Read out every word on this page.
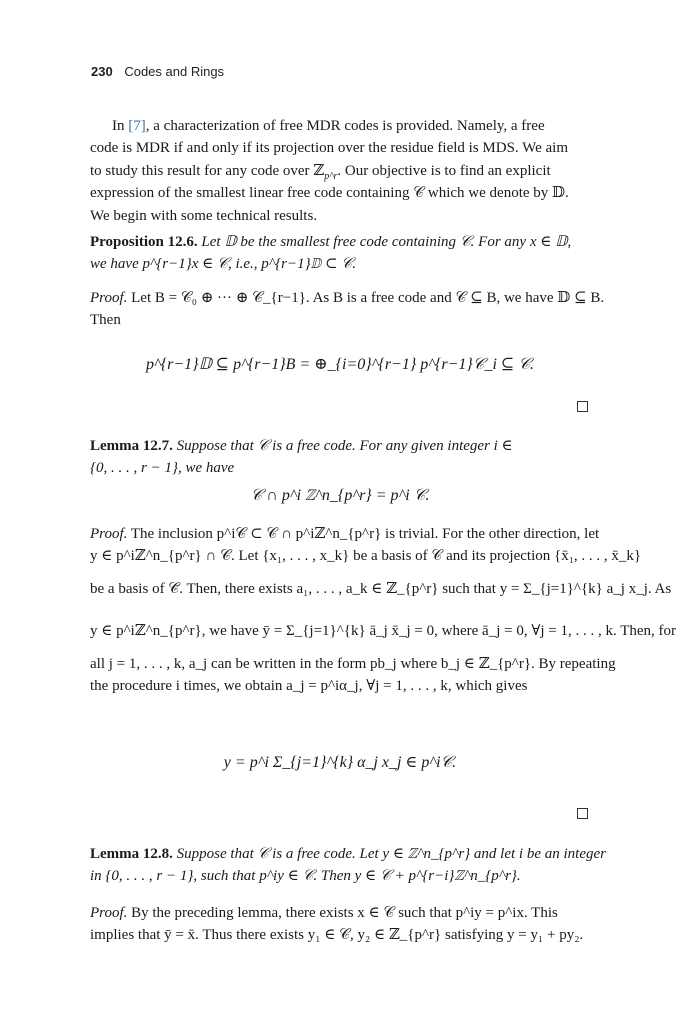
230 Codes and Rings
In [7], a characterization of free MDR codes is provided. Namely, a free
code is MDR if and only if its projection over the residue field is MDS. We aim
to study this result for any code over ℤ$_{p\^{}r}$. Our objective is to find an explicit
expression of the smallest linear free code containing 𝒞 which we denote by 𝔻.
We begin with some technical results.
Proposition 12.6. Let 𝔻 be the smallest free code containing 𝒞. For any x ∈ 𝔻,
we have p^{r−1}x ∈ 𝒞, i.e., p^{r−1}𝔻 ⊂ 𝒞.
Proof. Let B = 𝒞₀ ⊕ ··· ⊕ 𝒞_{r−1}. As B is a free code and 𝒞 ⊆ B, we have 𝔻 ⊆ B.
Then
p^{r−1}𝔻 ⊆ p^{r−1}B = ⊕_{i=0}^{r−1} p^{r−1}𝒞_i ⊆ 𝒞.
Lemma 12.7. Suppose that 𝒞 is a free code. For any given integer i ∈
{0, . . . , r − 1}, we have
𝒞 ∩ p^i ℤ^n_{p^r} = p^i 𝒞.
Proof. The inclusion p^i𝒞 ⊂ 𝒞 ∩ p^iℤ^n_{p^r} is trivial. For the other direction, let
y ∈ p^iℤ^n_{p^r} ∩ 𝒞. Let {x₁, . . . , x_k} be a basis of 𝒞 and its projection {x̄₁, . . . , x̄_k}
be a basis of 𝒞̄. Then, there exists a₁, . . . , a_k ∈ ℤ_{p^r} such that y = Σ_{j=1}^{k} a_j x_j. As
y ∈ p^iℤ^n_{p^r}, we have ȳ = Σ_{j=1}^{k} ā_j x̄_j = 0, where ā_j = 0, ∀j = 1, . . . , k. Then, for
all j = 1, . . . , k, a_j can be written in the form pb_j where b_j ∈ ℤ_{p^r}. By repeating
the procedure i times, we obtain a_j = p^iα_j, ∀j = 1, . . . , k, which gives
y = p^i Σ_{j=1}^{k} α_j x_j ∈ p^i𝒞.
Lemma 12.8. Suppose that 𝒞 is a free code. Let y ∈ ℤ^n_{p^r} and let i be an integer
in {0, . . . , r − 1}, such that p^iy ∈ 𝒞. Then y ∈ 𝒞 + p^{r−i}ℤ^n_{p^r}.
Proof. By the preceding lemma, there exists x ∈ 𝒞 such that p^iy = p^ix. This
implies that ȳ = x̄. Thus there exists y₁ ∈ 𝒞, y₂ ∈ ℤ_{p^r} satisfying y = y₁ + py₂.
